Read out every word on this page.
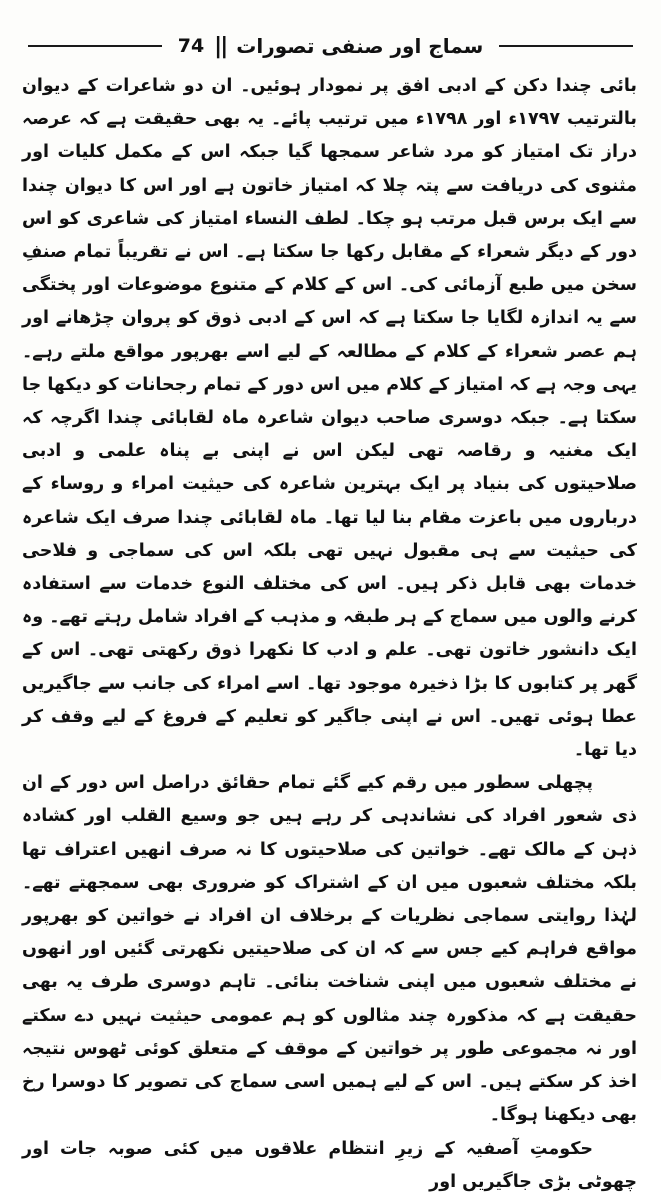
74 || سماج اور صنفی تصورات

بائی چندا دکن کے ادبی افق پر نمودار ہوئیں۔ ان دو شاعرات کے دیوان بالترتیب ۱۷۹۷ء اور ۱۷۹۸ء میں ترتیب پائے۔ یہ بھی حقیقت ہے کہ عرصہ دراز تک امتیاز کو مرد شاعر سمجھا گیا جبکہ اس کے مکمل کلیات اور مثنوی کی دریافت سے پتہ چلا کہ امتیاز خاتون ہے اور اس کا دیوان چندا سے ایک برس قبل مرتب ہو چکا۔ لطف النساء امتیاز کی شاعری کو اس دور کے دیگر شعراء کے مقابل رکھا جا سکتا ہے۔ اس نے تقریباً تمام صنفِ سخن میں طبع آزمائی کی۔ اس کے کلام کے متنوع موضوعات اور پختگی سے یہ اندازہ لگایا جا سکتا ہے کہ اس کے ادبی ذوق کو پروان چڑھانے اور ہم عصر شعراء کے کلام کے مطالعہ کے لیے اسے بھرپور مواقع ملتے رہے۔ یہی وجہ ہے کہ امتیاز کے کلام میں اس دور کے تمام رجحانات کو دیکھا جا سکتا ہے۔ جبکہ دوسری صاحب دیوان شاعرہ ماہ لقابائی چندا اگرچہ کہ ایک مغنیہ و رقاصہ تھی لیکن اس نے اپنی بے پناہ علمی و ادبی صلاحیتوں کی بنیاد پر ایک بہترین شاعرہ کی حیثیت امراء و روساء کے درباروں میں باعزت مقام بنا لیا تھا۔ ماہ لقابائی چندا صرف ایک شاعرہ کی حیثیت سے ہی مقبول نہیں تھی بلکہ اس کی سماجی و فلاحی خدمات بھی قابل ذکر ہیں۔ اس کی مختلف النوع خدمات سے استفادہ کرنے والوں میں سماج کے ہر طبقہ و مذہب کے افراد شامل رہتے تھے۔ وہ ایک دانشور خاتون تھی۔ علم و ادب کا نکھرا ذوق رکھتی تھی۔ اس کے گھر پر کتابوں کا بڑا ذخیرہ موجود تھا۔ اسے امراء کی جانب سے جاگیریں عطا ہوئی تھیں۔ اس نے اپنی جاگیر کو تعلیم کے فروغ کے لیے وقف کر دیا تھا۔

پچھلی سطور میں رقم کیے گئے تمام حقائق دراصل اس دور کے ان ذی شعور افراد کی نشاندہی کر رہے ہیں جو وسیع القلب اور کشادہ ذہن کے مالک تھے۔ خواتین کی صلاحیتوں کا نہ صرف انھیں اعتراف تھا بلکہ مختلف شعبوں میں ان کے اشتراک کو ضروری بھی سمجھتے تھے۔ لہٰذا روایتی سماجی نظریات کے برخلاف ان افراد نے خواتین کو بھرپور مواقع فراہم کیے جس سے کہ ان کی صلاحیتیں نکھرتی گئیں اور انھوں نے مختلف شعبوں میں اپنی شناخت بنائی۔ تاہم دوسری طرف یہ بھی حقیقت ہے کہ مذکورہ چند مثالوں کو ہم عمومی حیثیت نہیں دے سکتے اور نہ مجموعی طور پر خواتین کے موقف کے متعلق کوئی ٹھوس نتیجہ اخذ کر سکتے ہیں۔ اس کے لیے ہمیں اسی سماج کی تصویر کا دوسرا رخ بھی دیکھنا ہوگا۔

حکومتِ آصفیہ کے زیرِ انتظام علاقوں میں کئی صوبہ جات اور چھوٹی بڑی جاگیریں اور
